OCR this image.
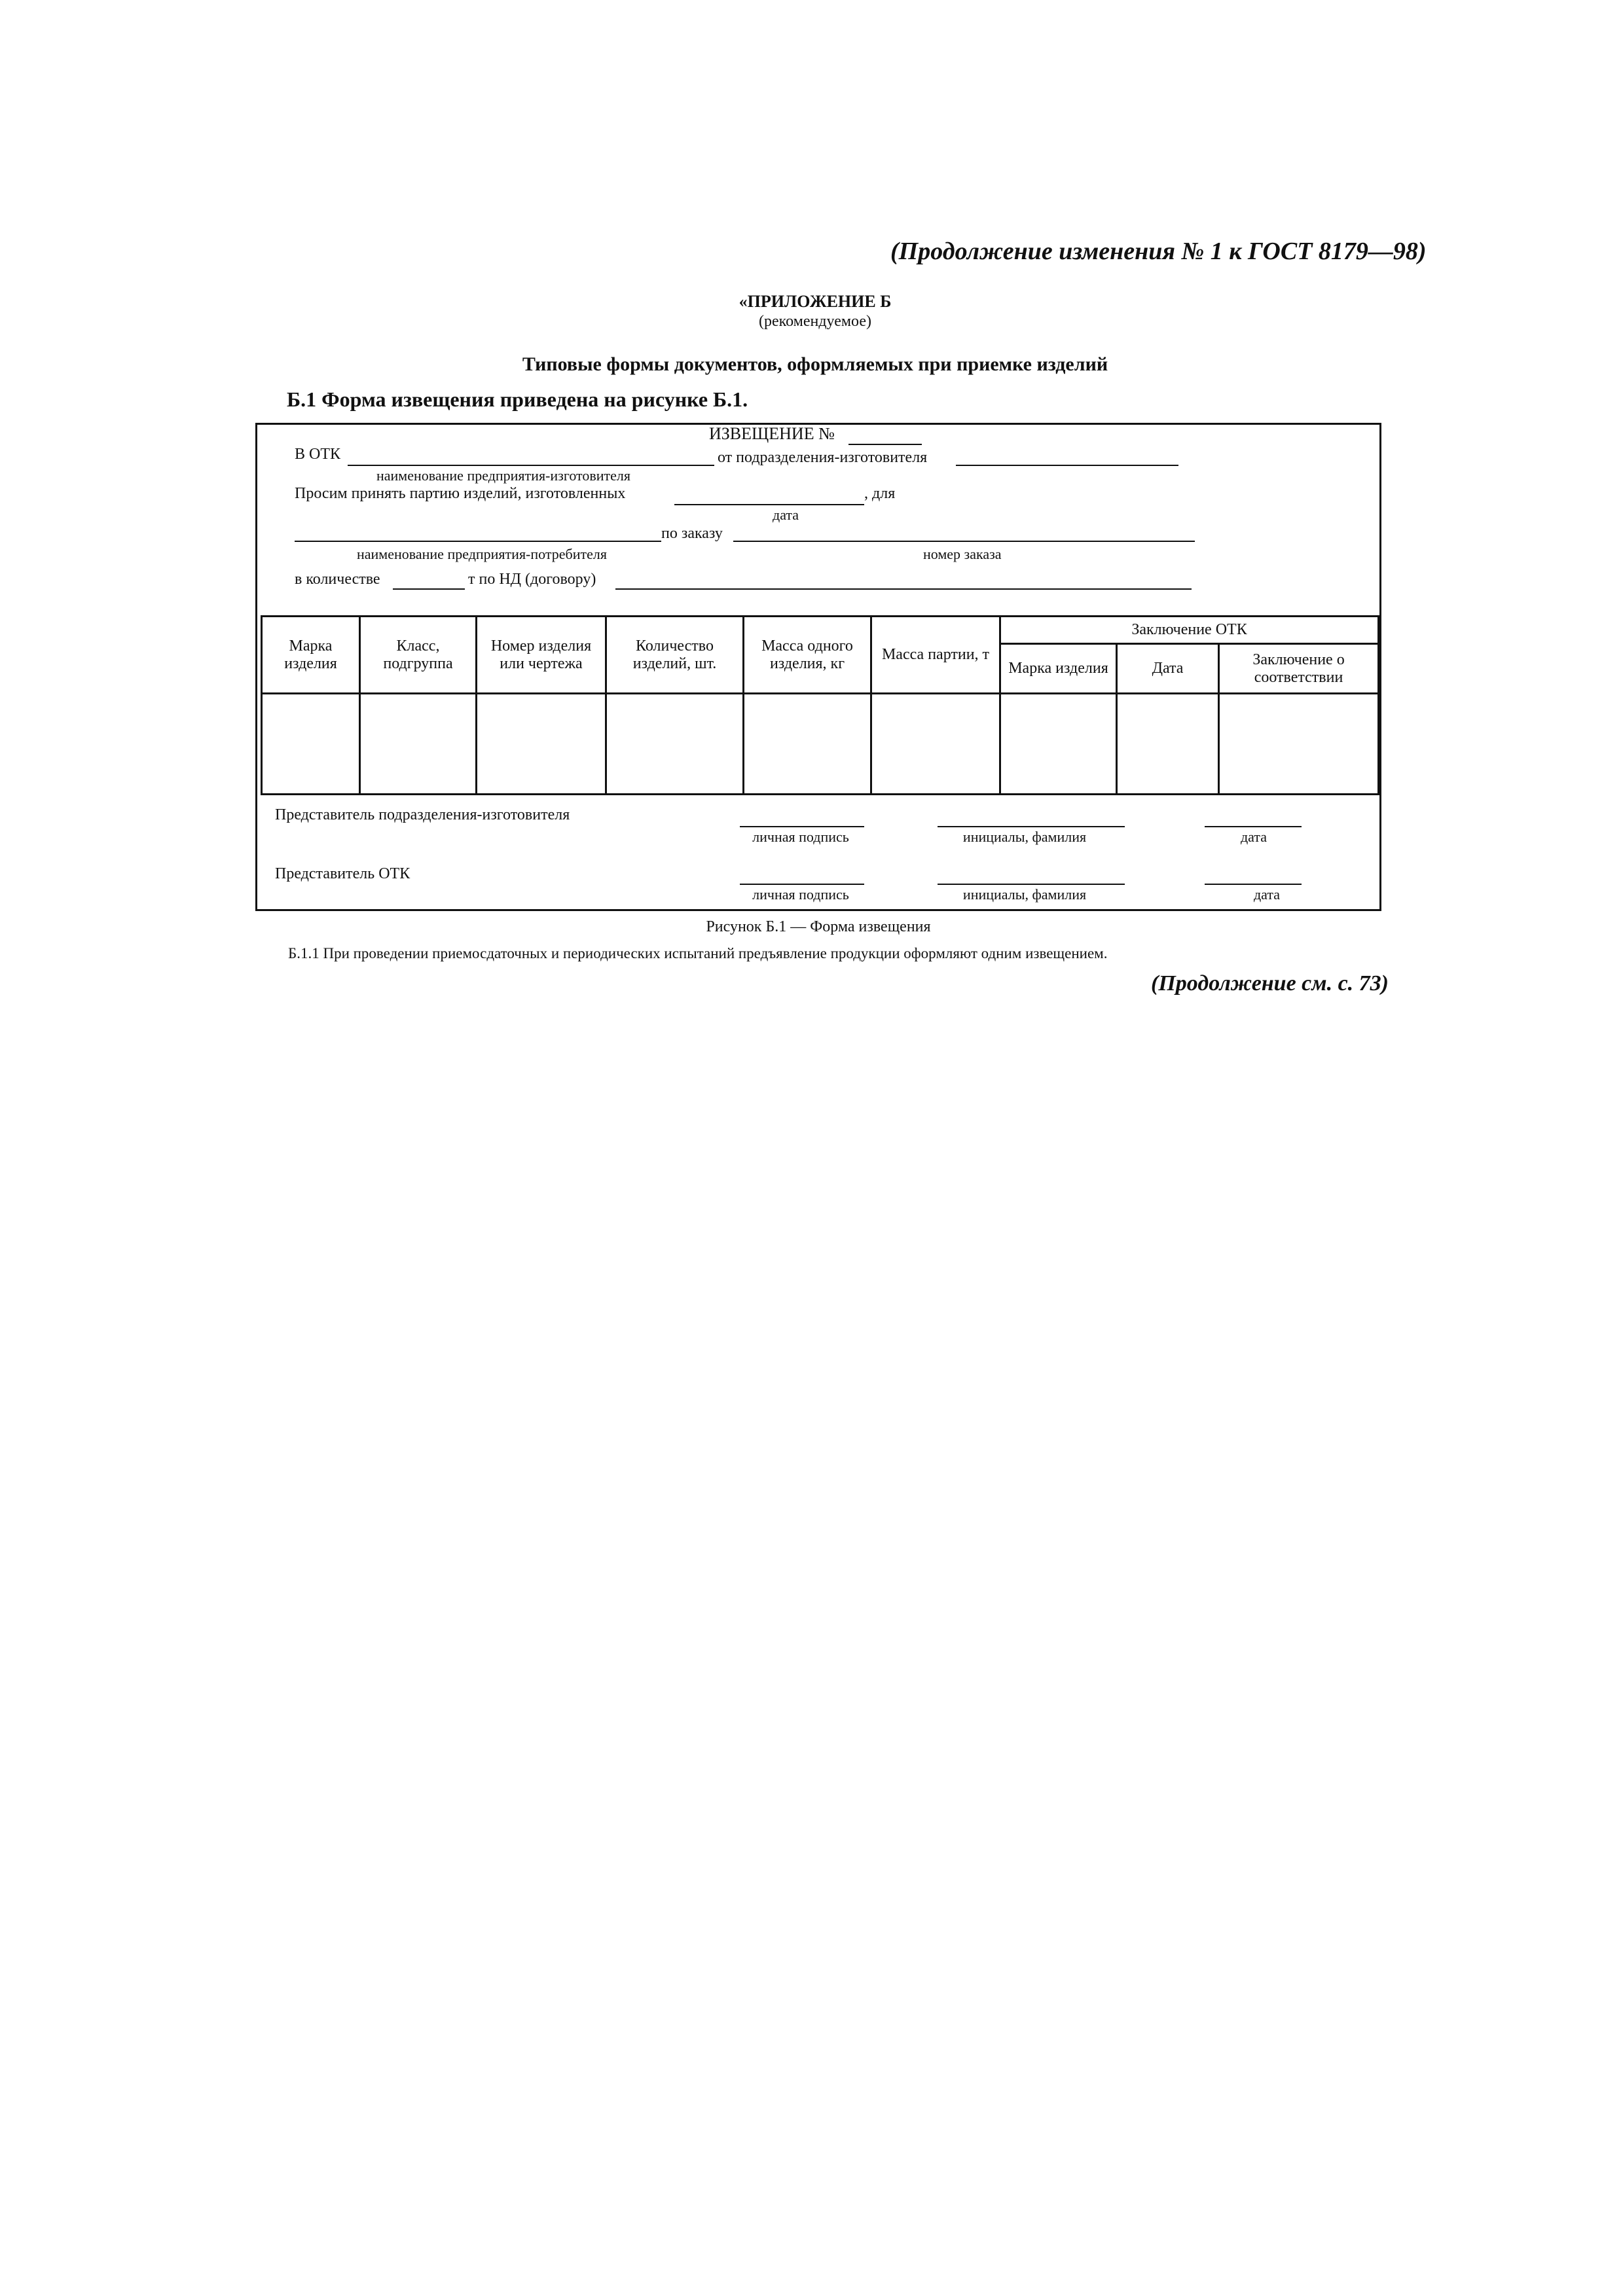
(Продолжение изменения № 1 к ГОСТ 8179—98)
«ПРИЛОЖЕНИЕ Б
(рекомендуемое)
Типовые формы документов, оформляемых при приемке изделий
Б.1 Форма извещения приведена на рисунке Б.1.
ИЗВЕЩЕНИЕ №
В ОТК	от подразделения-изготовителя
наименование предприятия-изготовителя
Просим принять партию изделий, изготовленных	, для
дата
по заказу
наименование предприятия-потребителя	номер заказа
в количестве	т по НД (договору)
Марка изделия	Класс, подгруппа	Номер изделия или чертежа	Количество изделий, шт.	Масса одного изделия, кг	Масса партии, т	Заключение ОТК		
						Марка изделия	Дата	Заключение о соответствии

Представитель подразделения-изготовителя
личная подпись	инициалы, фамилия	дата
Представитель ОТК
личная подпись	инициалы, фамилия	дата
Рисунок Б.1 — Форма извещения
Б.1.1 При проведении приемосдаточных и периодических испытаний предъявление продукции оформляют одним извещением.
(Продолжение см. с. 73)
